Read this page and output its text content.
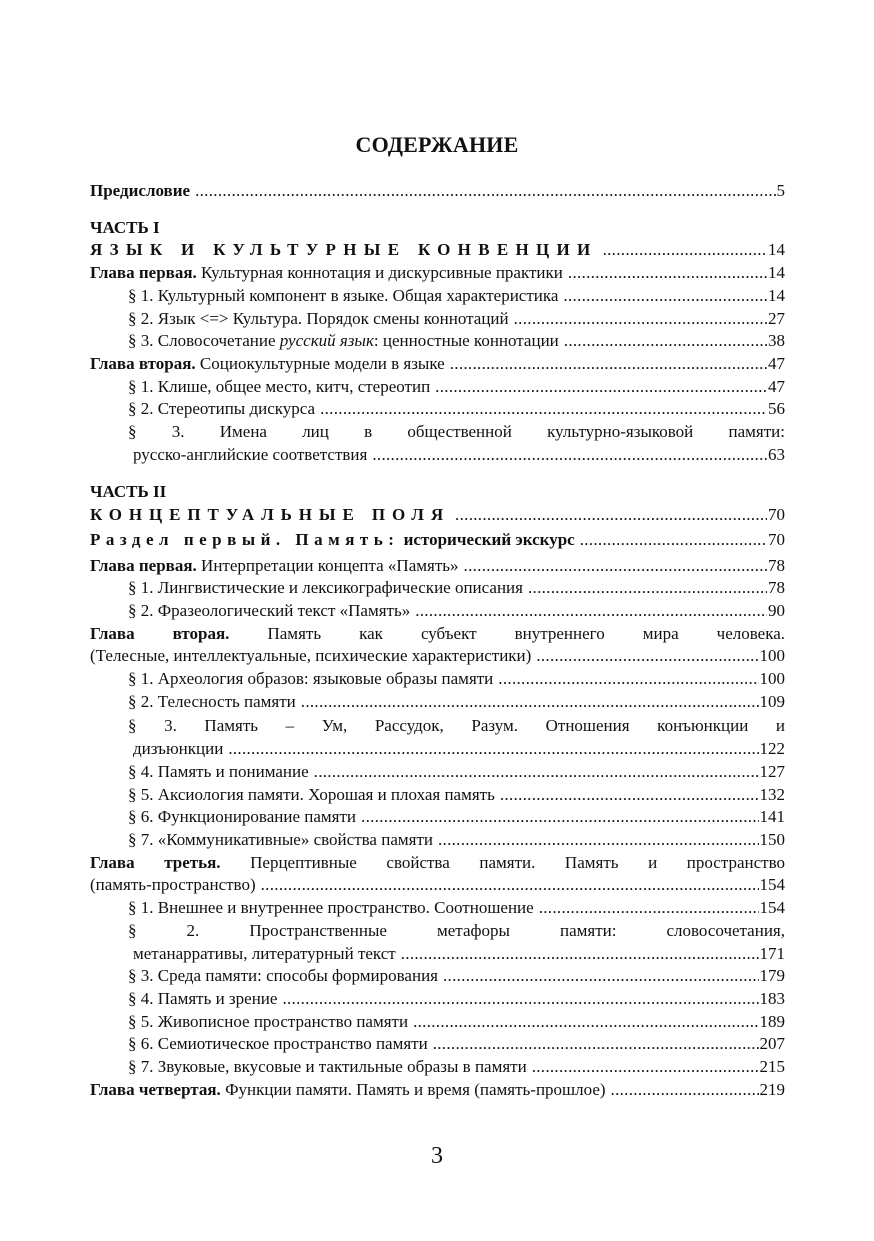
СОДЕРЖАНИЕ
Предисловие .....	5
ЧАСТЬ I
ЯЗЫК И КУЛЬТУРНЫЕ КОНВЕНЦИИ .....	14
Глава первая. Культурная коннотация и дискурсивные практики .....	14
§ 1. Культурный компонент в языке. Общая характеристика .....	14
§ 2. Язык <=> Культура. Порядок смены коннотаций .....	27
§ 3. Словосочетание русский язык: ценностные коннотации .....	38
Глава вторая. Социокультурные модели в языке .....	47
§ 1. Клише, общее место, китч, стереотип .....	47
§ 2. Стереотипы дискурса .....	56
§ 3. Имена лиц в общественной культурно-языковой памяти:
русско-английские соответствия .....	63
ЧАСТЬ II
КОНЦЕПТУАЛЬНЫЕ ПОЛЯ .....	70
Раздел первый. Память: исторический экскурс .....	70
Глава первая. Интерпретации концепта «Память» .....	78
§ 1. Лингвистические и лексикографические описания .....	78
§ 2. Фразеологический текст «Память» .....	90
Глава вторая. Память как субъект внутреннего мира человека.
(Телесные, интеллектуальные, психические характеристики) .....	100
§ 1. Археология образов: языковые образы памяти .....	100
§ 2. Телесность памяти .....	109
§ 3. Память – Ум, Рассудок, Разум. Отношения конъюнкции и
дизъюнкции .....	122
§ 4. Память и понимание .....	127
§ 5. Аксиология памяти. Хорошая и плохая память .....	132
§ 6. Функционирование памяти .....	141
§ 7. «Коммуникативные» свойства памяти .....	150
Глава третья. Перцептивные свойства памяти. Память и пространство
(память-пространство) .....	154
§ 1. Внешнее и внутреннее пространство. Соотношение .....	154
§ 2. Пространственные метафоры памяти: словосочетания,
метанарративы, литературный текст .....	171
§ 3. Среда памяти: способы формирования .....	179
§ 4. Память и зрение .....	183
§ 5. Живописное пространство памяти .....	189
§ 6. Семиотическое пространство памяти .....	207
§ 7. Звуковые, вкусовые и тактильные образы в памяти .....	215
Глава четвертая. Функции памяти. Память и время (память-прошлое) .....	219
3
